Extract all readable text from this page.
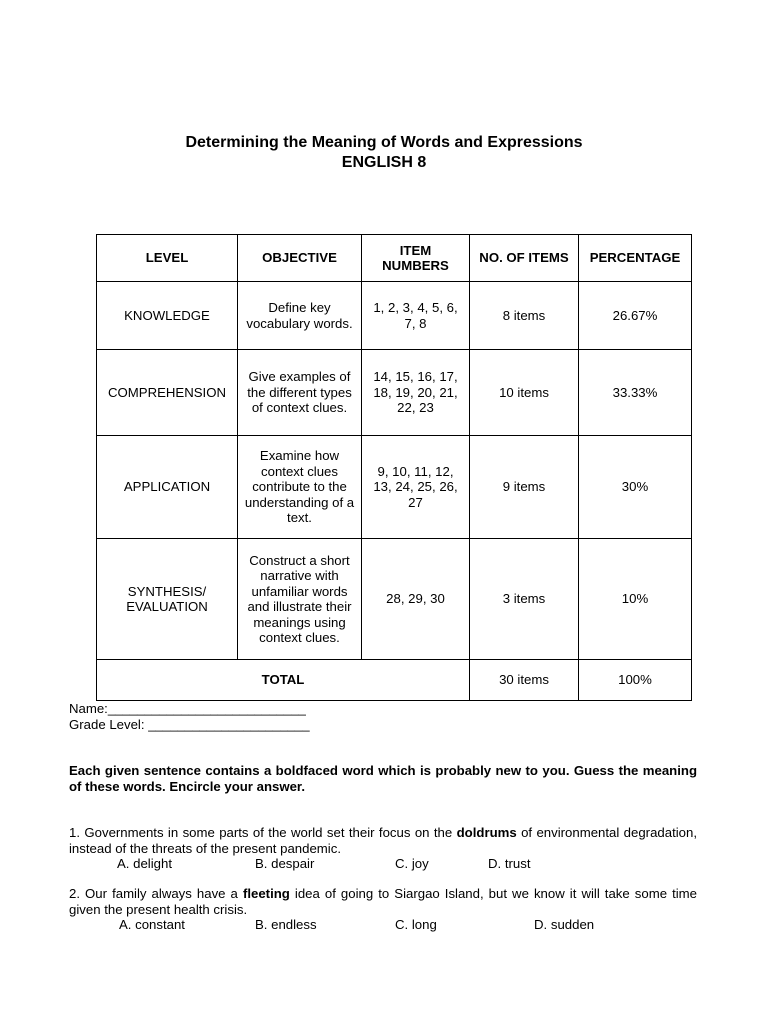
Determining the Meaning of Words and Expressions
ENGLISH 8
LEVEL	OBJECTIVE	ITEM NUMBERS	NO. OF ITEMS	PERCENTAGE
KNOWLEDGE	Define key vocabulary words.	1, 2, 3, 4, 5, 6, 7, 8	8 items	26.67%
COMPREHENSION	Give examples of the different types of context clues.	14, 15, 16, 17, 18, 19, 20, 21, 22, 23	10 items	33.33%
APPLICATION	Examine how context clues contribute to the understanding of a text.	9, 10, 11, 12, 13, 24, 25, 26, 27	9 items	30%
SYNTHESIS/ EVALUATION	Construct a short narrative with unfamiliar words and illustrate their meanings using context clues.	28, 29, 30	3 items	10%
TOTAL			30 items	100%
Name:___________________________
Grade Level: ______________________
Each given sentence contains a boldfaced word which is probably new to you. Guess the meaning of these words. Encircle your answer.
1. Governments in some parts of the world set their focus on the doldrums of environmental degradation, instead of the threats of the present pandemic.
A. delight	B. despair	C. joy	D. trust
2. Our family always have a fleeting idea of going to Siargao Island, but we know it will take some time given the present health crisis.
A. constant	B. endless	C. long	D. sudden
